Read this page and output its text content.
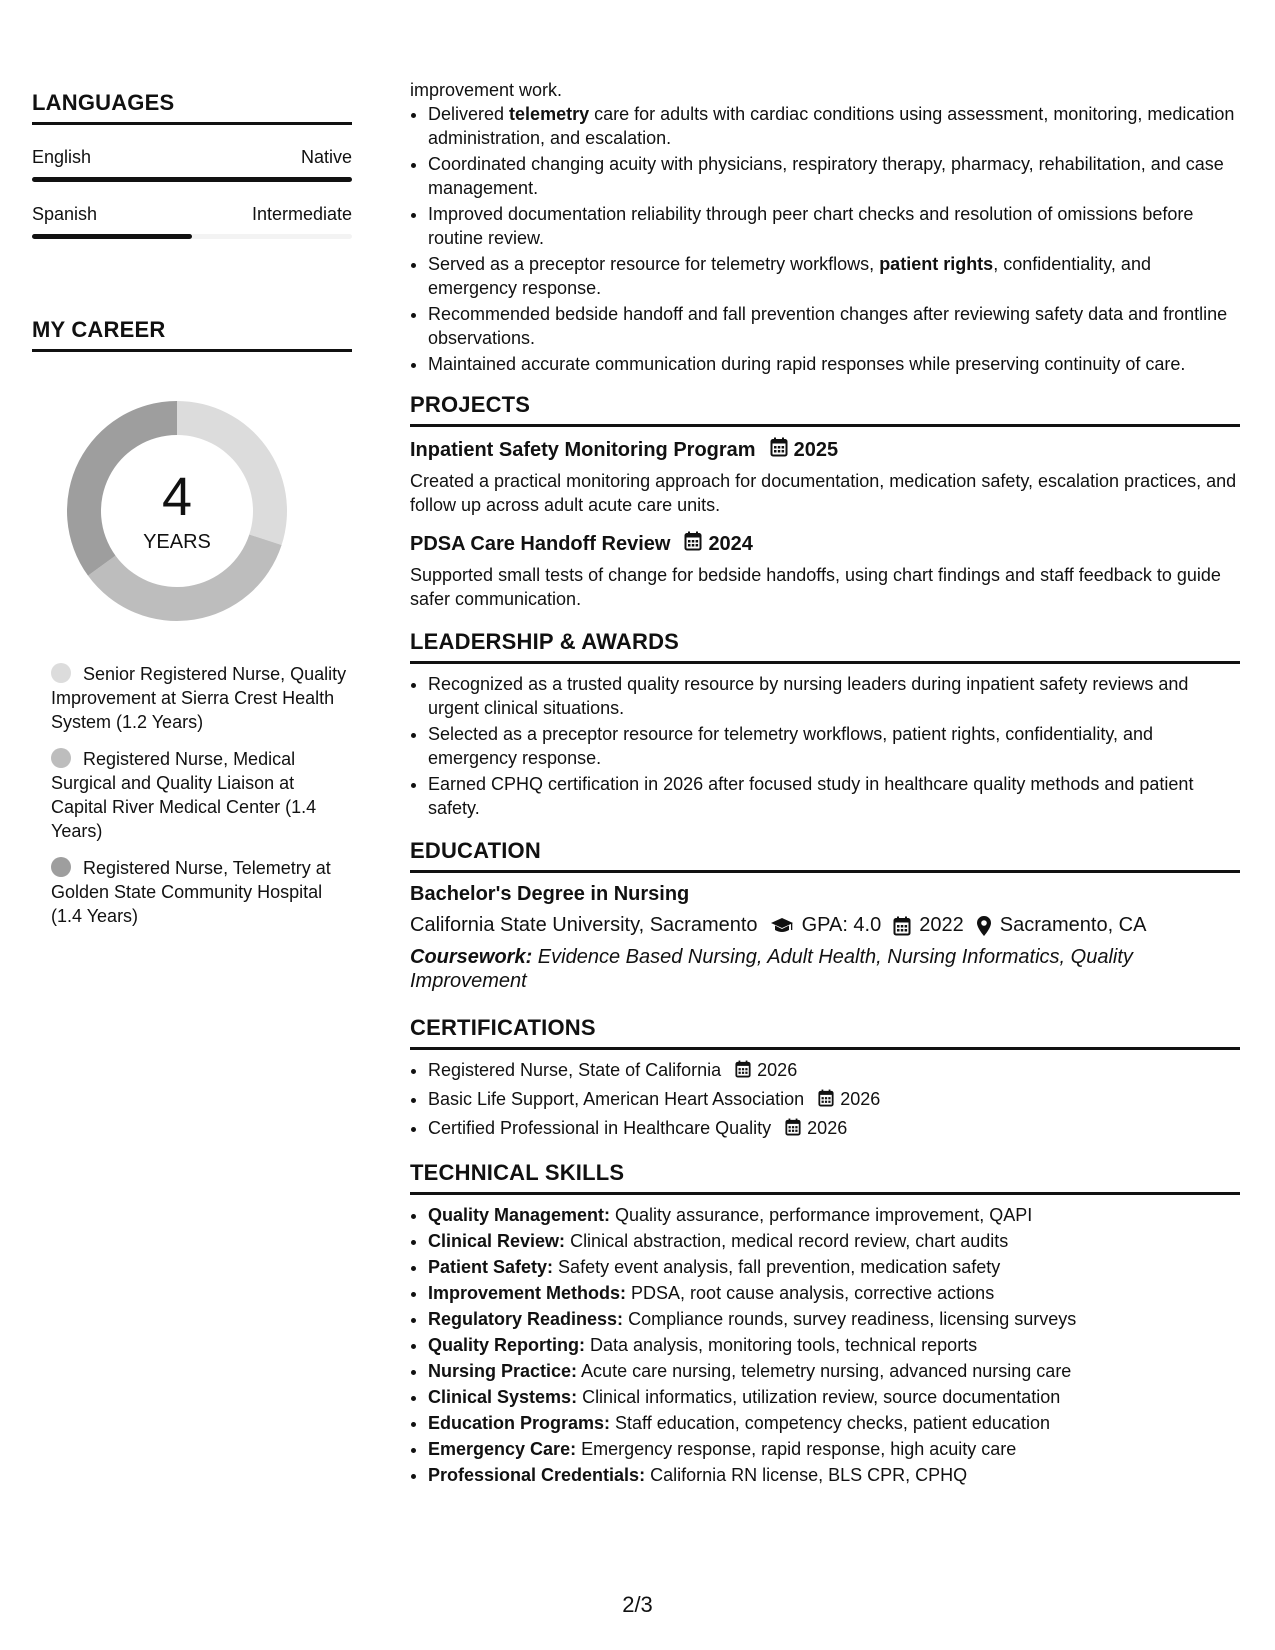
LANGUAGES
English	Native
Spanish	Intermediate
MY CAREER
4
YEARS
Senior Registered Nurse, Quality Improvement at Sierra Crest Health System (1.2 Years)
Registered Nurse, Medical Surgical and Quality Liaison at Capital River Medical Center (1.4 Years)
Registered Nurse, Telemetry at Golden State Community Hospital (1.4 Years)
improvement work.
• Delivered telemetry care for adults with cardiac conditions using assessment, monitoring, medication administration, and escalation.
• Coordinated changing acuity with physicians, respiratory therapy, pharmacy, rehabilitation, and case management.
• Improved documentation reliability through peer chart checks and resolution of omissions before routine review.
• Served as a preceptor resource for telemetry workflows, patient rights, confidentiality, and emergency response.
• Recommended bedside handoff and fall prevention changes after reviewing safety data and frontline observations.
• Maintained accurate communication during rapid responses while preserving continuity of care.
PROJECTS
Inpatient Safety Monitoring Program 2025
Created a practical monitoring approach for documentation, medication safety, escalation practices, and follow up across adult acute care units.
PDSA Care Handoff Review 2024
Supported small tests of change for bedside handoffs, using chart findings and staff feedback to guide safer communication.
LEADERSHIP & AWARDS
• Recognized as a trusted quality resource by nursing leaders during inpatient safety reviews and urgent clinical situations.
• Selected as a preceptor resource for telemetry workflows, patient rights, confidentiality, and emergency response.
• Earned CPHQ certification in 2026 after focused study in healthcare quality methods and patient safety.
EDUCATION
Bachelor's Degree in Nursing
California State University, Sacramento GPA: 4.0 2022 Sacramento, CA
Coursework: Evidence Based Nursing, Adult Health, Nursing Informatics, Quality Improvement
CERTIFICATIONS
• Registered Nurse, State of California 2026
• Basic Life Support, American Heart Association 2026
• Certified Professional in Healthcare Quality 2026
TECHNICAL SKILLS
• Quality Management: Quality assurance, performance improvement, QAPI
• Clinical Review: Clinical abstraction, medical record review, chart audits
• Patient Safety: Safety event analysis, fall prevention, medication safety
• Improvement Methods: PDSA, root cause analysis, corrective actions
• Regulatory Readiness: Compliance rounds, survey readiness, licensing surveys
• Quality Reporting: Data analysis, monitoring tools, technical reports
• Nursing Practice: Acute care nursing, telemetry nursing, advanced nursing care
• Clinical Systems: Clinical informatics, utilization review, source documentation
• Education Programs: Staff education, competency checks, patient education
• Emergency Care: Emergency response, rapid response, high acuity care
• Professional Credentials: California RN license, BLS CPR, CPHQ
2/3
